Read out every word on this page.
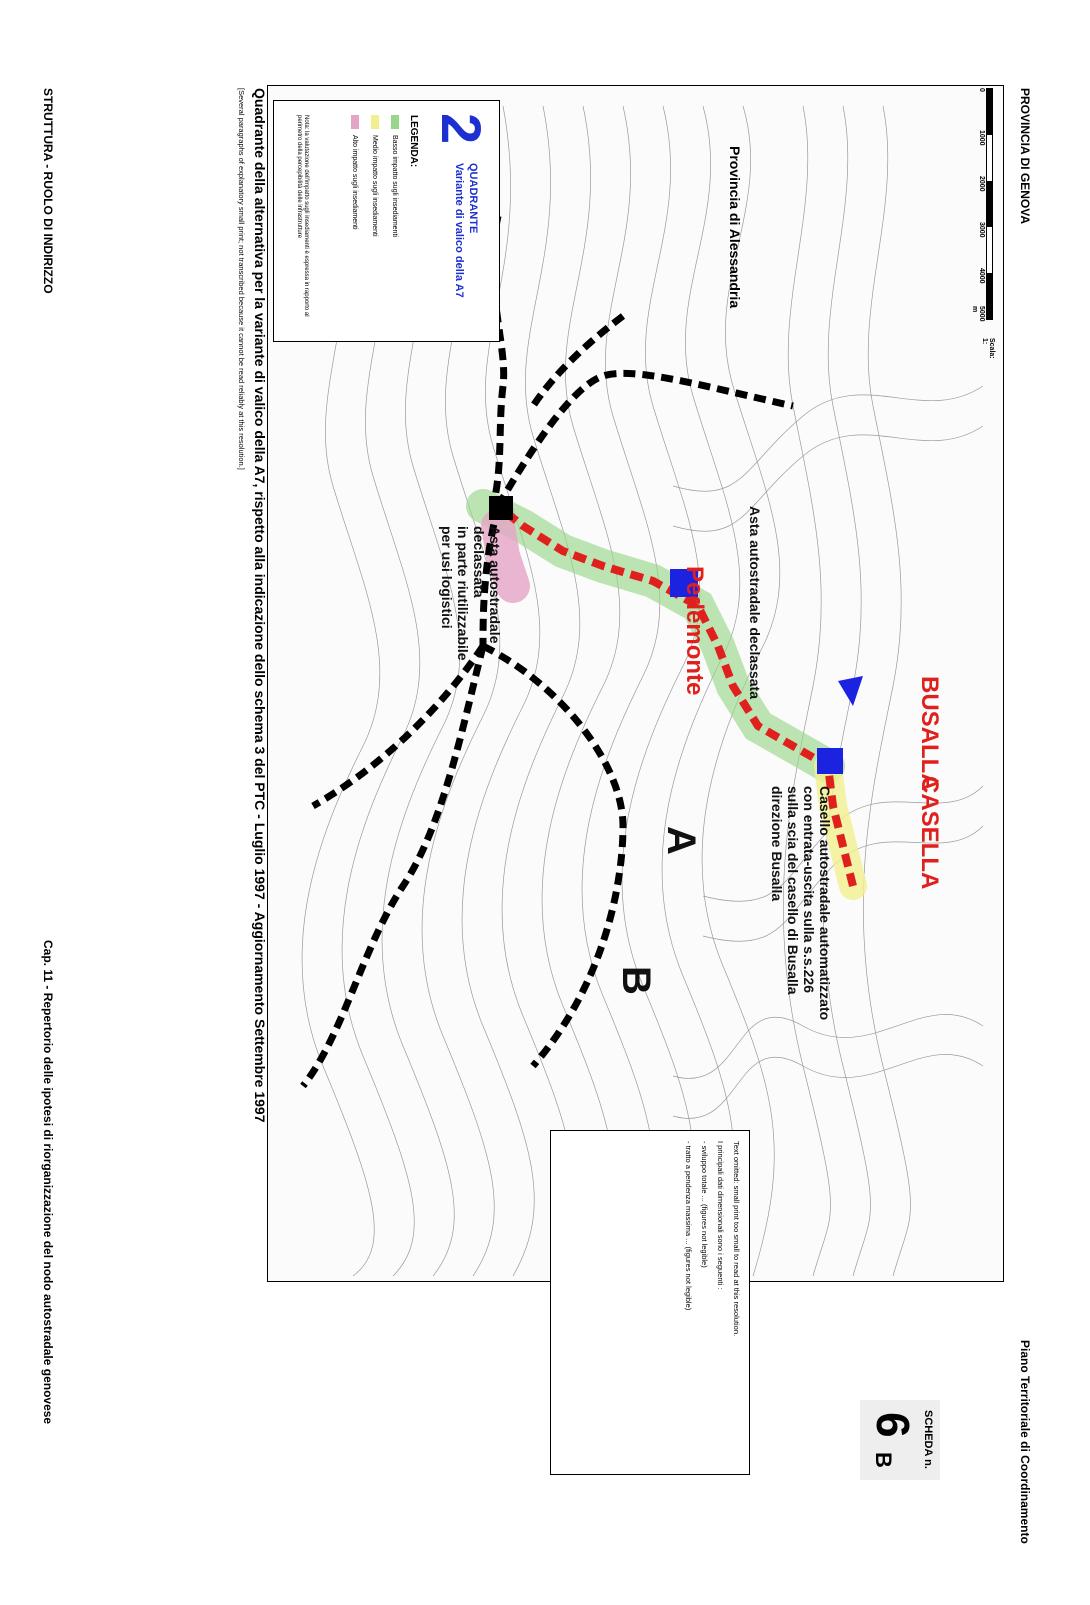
PROVINCIA DI GENOVA
Piano Territoriale di Coordinamento
SCHEDA n.
6
B
Provincia di Alessandria
BUSALLA
CASELLA
Pedemonte
A
B
Asta autostradale declassata
Asta autostradale
declassata
in parte riutilizzabile
per usi logistici
Casello autostradale automatizzato
con entrata-uscita sulla s.s.226
sulla scia del casello di Busalla
direzione Busalla
0
1000
2000
3000
4000
5000 m
Scala: 1:
2
QUADRANTE
Variante di valico della A7
LEGENDA:
Basso impatto sugli insediamenti
Medio impatto sugli insediamenti
Alto impatto sugli insediamenti
Nota: la valutazione dell'impatto sugli insediamenti è espressa in rapporto al perimetro della percepibilità delle infrastrutture

Text omitted: small print too small to read at this resolution.

I principali dati dimensionali sono i seguenti :

- sviluppo totale ... (figures not legible)

- tratto a pendenza massima ... (figures not legible)

Quadrante della alternativa per la variante di valico della A7, rispetto alla indicazione dello schema 3 del PTC - Luglio 1997 - Aggiornamento Settembre 1997
[Several paragraphs of explanatory small print; not transcribed because it cannot be read reliably at this resolution.]
STRUTTURA - RUOLO DI INDIRIZZO
Cap. 11 - Repertorio delle ipotesi di riorganizzazione del nodo autostradale genovese
